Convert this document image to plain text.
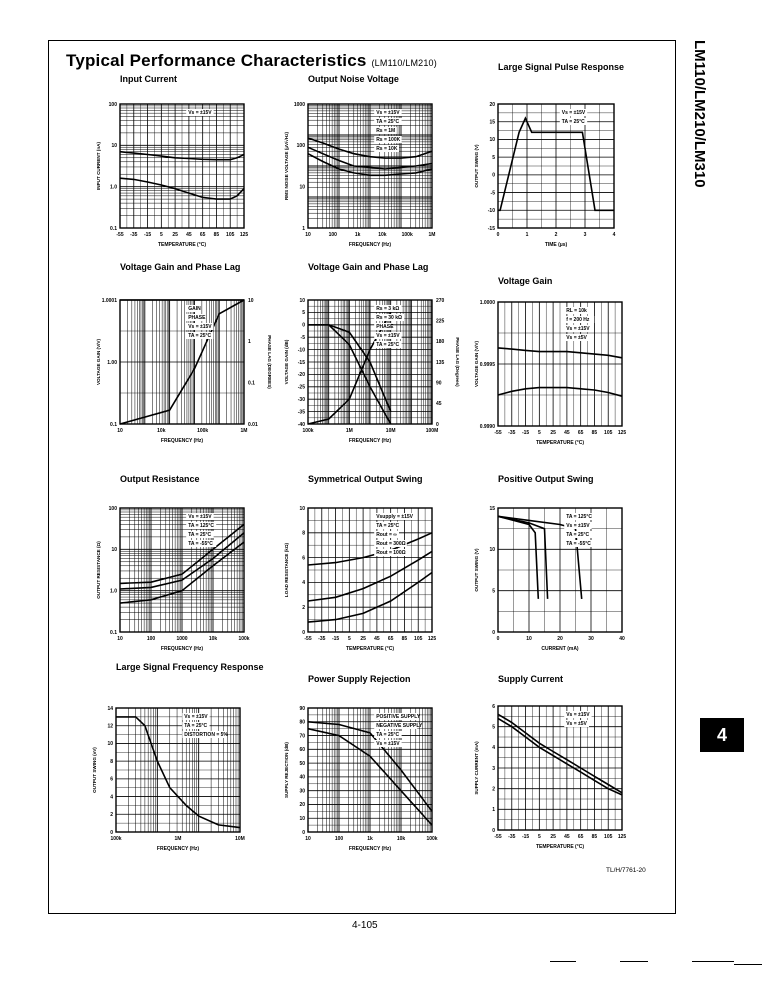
Typical Performance Characteristics (LM110/LM210)	LM110/LM210/LM310
4
TL/H/7761-20
4-105
Input Current
-55 -35 -15 5 25 45 65 85 105 125
0.1
1.0
10
100
TEMPERATURE (°C)
INPUT CURRENT (nA)
Vs = ±15V
Output Noise Voltage
10	100	1k	10k	100k	1M
1
10
100
1000
FREQUENCY (Hz)
RMS NOISE VOLTAGE (µV/√Hz)
Vs = ±15V
TA = 25°C
Rs = 1M
Rs = 100K
Rs = 10K
Large Signal Pulse Response
0	1	2	3	4
-15
-10
-5
0
5
10
15
20
TIME (µs)
OUTPUT SWING (V)
Vs = ±15V
TA = 25°C
Voltage Gain and Phase Lag
10	10k	100k	1M
0.1
1.00
1.0001
0.01
0.1
1
10
PHASE LAG (DEGREES)
FREQUENCY (Hz)
VOLTAGE GAIN (V/V)
GAIN
PHASE
Vs = ±15V
TA = 25°C
Voltage Gain and Phase Lag
100k	1M	10M	100M
-40
-35
-30
-25
-20
-15
-10
-5
0
5
10
0
45
90
135
180
225
270
PHASE LAG (Degrees)
FREQUENCY (Hz)
VOLTAGE GAIN (dB)
Rs = 3 kΩ
Rs = 30 kΩ
PHASE
Vs = ±15V
TA = 25°C
Voltage Gain
-55 -35 -15 5 25 45 65 85 105 125
0.9990
0.9995
1.0000
TEMPERATURE (°C)
VOLTAGE GAIN (V/V)
RL = 10k
f = 200 Hz
Vs = ±15V
Vs = ±5V
Output Resistance
10	100	1000	10k	100k
0.1
1.0
10
100
FREQUENCY (Hz)
OUTPUT RESISTANCE (Ω)
Vs = ±15V
TA = 125°C
TA = 25°C
TA = -55°C
Symmetrical Output Swing
-55 -35 -15 5 25 45 65 85 105 125
0
2
4
6
8
10
TEMPERATURE (°C)
LOAD RESISTANCE (kΩ)
Vsupply = ±15V
TA = 25°C
Rout = ∞
Rout = 300Ω
Rout = 100Ω
Positive Output Swing
0	10	20	30	40
0
5
10
15
CURRENT (mA)
OUTPUT SWING (V)
TA = 125°C
Vs = ±15V
TA = 25°C
TA = -55°C
Large Signal Frequency Response
100k	1M	10M
0
2
4
6
8
10
12
14
FREQUENCY (Hz)
OUTPUT SWING (±V)
Vs = ±15V
TA = 25°C
DISTORTION = 5%
Power Supply Rejection
10	100	1k	10k	100k
0
10
20
30
40
50
60
70
80
90
FREQUENCY (Hz)
SUPPLY REJECTION (dB)
POSITIVE SUPPLY
NEGATIVE SUPPLY
TA = 25°C
Vs = ±15V
Supply Current
-55 -35 -15 5 25 45 65 85 105 125
0
1
2
3
4
5
6
TEMPERATURE (°C)
SUPPLY CURRENT (mA)
Vs = ±15V
Vs = ±5V
